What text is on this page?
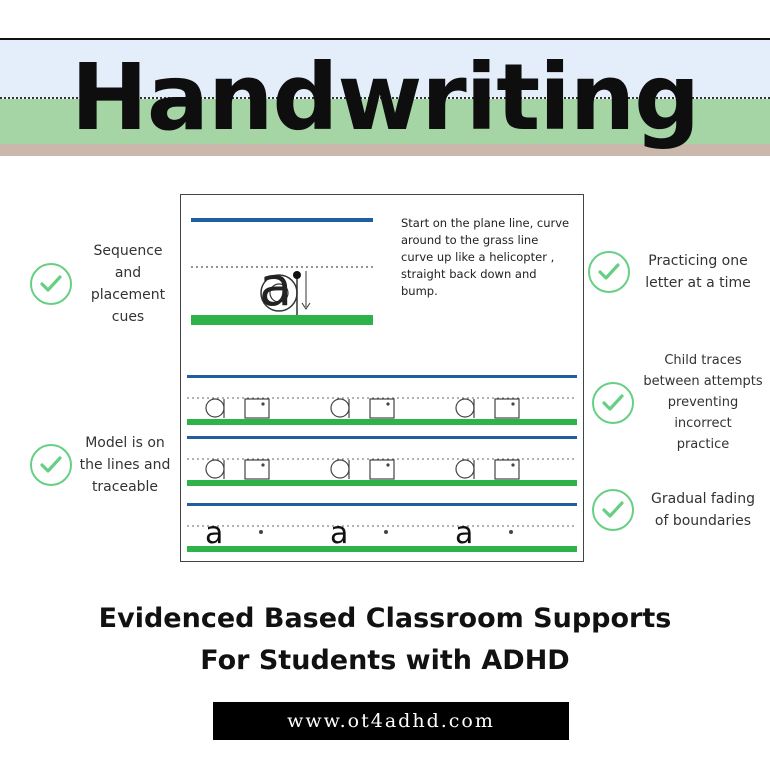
Handwriting
Sequence
and
placement
cues
Model is on
the lines and
traceable
Practicing one
letter at a time
Child traces
between attempts
preventing incorrect
practice
Gradual fading
of boundaries
a
a	a	a
Start on the plane line, curve around to the grass line curve up like a helicopter , straight back down and bump.
Evidenced Based Classroom Supports
For Students with ADHD
www.ot4adhd.com
